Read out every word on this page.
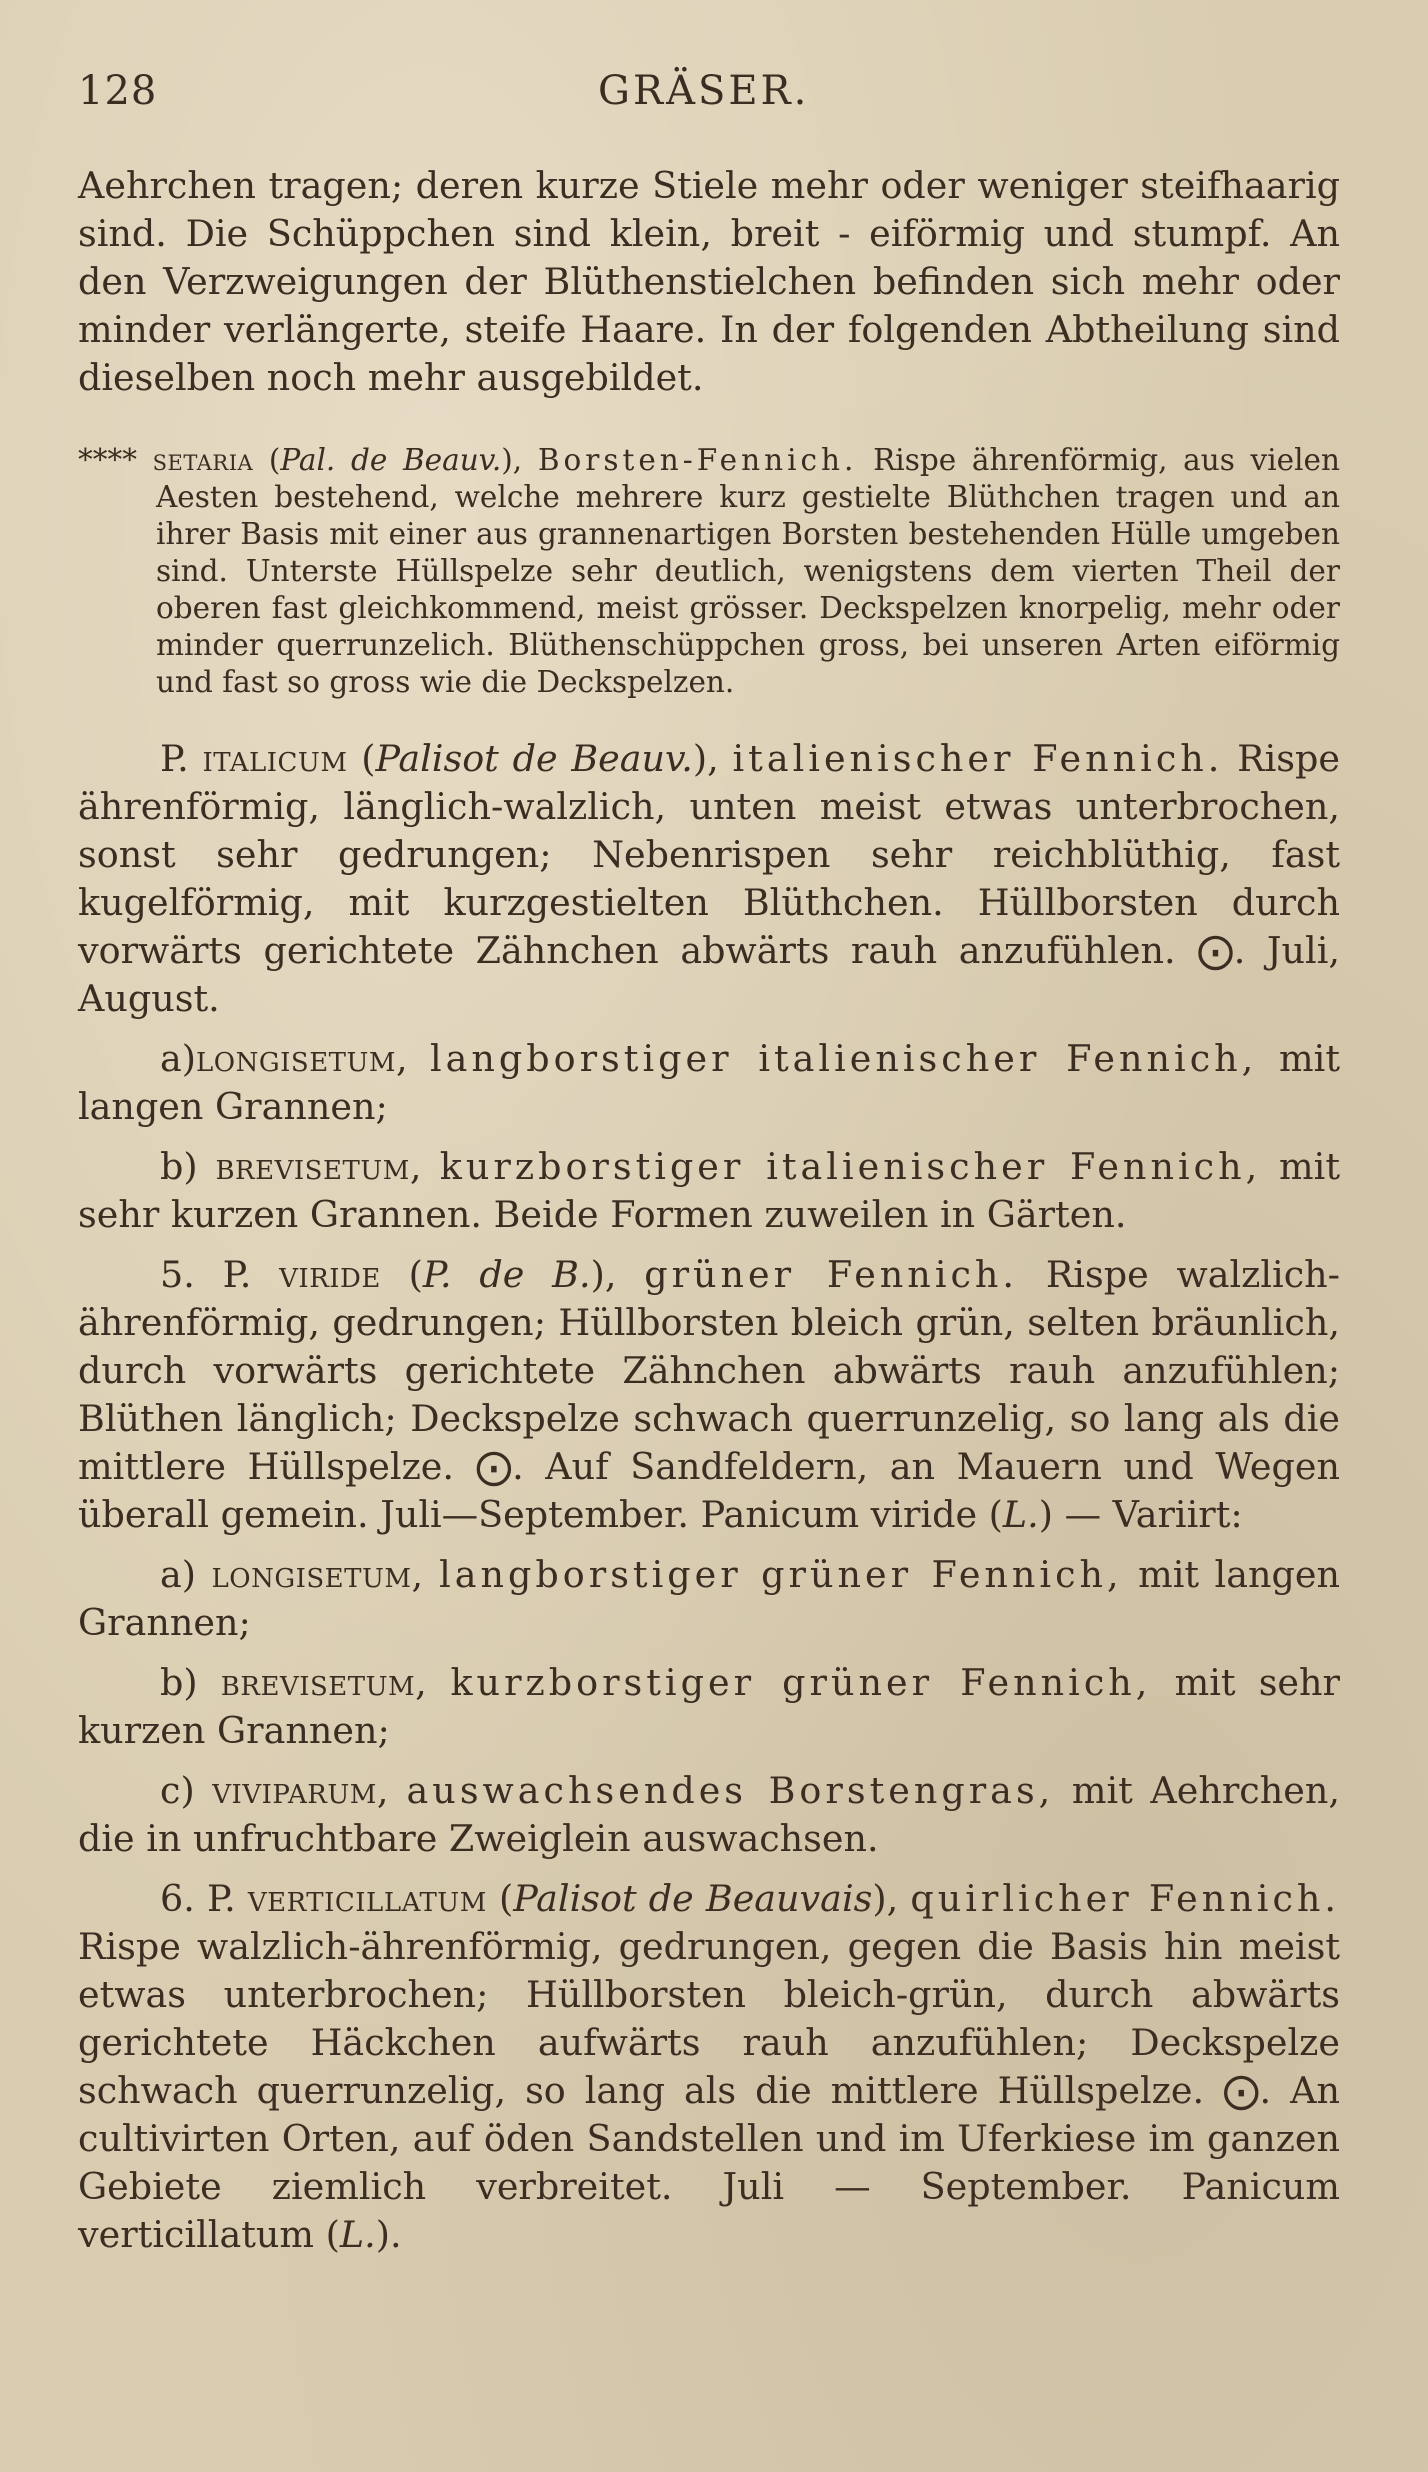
128	GRÄSER.

Aehrchen tragen; deren kurze Stiele mehr oder weniger steifhaarig sind. Die Schüppchen sind klein, breit - eiförmig und stumpf. An den Verzweigungen der Blüthenstielchen befinden sich mehr oder minder verlängerte, steife Haare. In der folgenden Abtheilung sind dieselben noch mehr ausgebildet.

**** setaria (Pal. de Beauv.), Borsten-Fennich. Rispe ährenförmig, aus vielen Aesten bestehend, welche mehrere kurz gestielte Blüthchen tragen und an ihrer Basis mit einer aus grannenartigen Borsten bestehenden Hülle umgeben sind. Unterste Hüllspelze sehr deutlich, wenigstens dem vierten Theil der oberen fast gleichkommend, meist grösser. Deckspelzen knorpelig, mehr oder minder querrunzelich. Blüthenschüppchen gross, bei unseren Arten eiförmig und fast so gross wie die Deckspelzen.

P. italicum (Palisot de Beauv.), italienischer Fennich. Rispe ährenförmig, länglich-walzlich, unten meist etwas unterbrochen, sonst sehr gedrungen; Nebenrispen sehr reichblüthig, fast kugelförmig, mit kurzgestielten Blüthchen. Hüllborsten durch vorwärts gerichtete Zähnchen abwärts rauh anzufühlen. ⨀. Juli, August.

a)longisetum, langborstiger italienischer Fennich, mit langen Grannen;

b) brevisetum, kurzborstiger italienischer Fennich, mit sehr kurzen Grannen. Beide Formen zuweilen in Gärten.

5. P. viride (P. de B.), grüner Fennich. Rispe walzlich-ährenförmig, gedrungen; Hüllborsten bleich grün, selten bräunlich, durch vorwärts gerichtete Zähnchen abwärts rauh anzufühlen; Blüthen länglich; Deckspelze schwach querrunzelig, so lang als die mittlere Hüllspelze. ⨀. Auf Sandfeldern, an Mauern und Wegen überall gemein. Juli—September. Panicum viride (L.) — Variirt:

a) longisetum, langborstiger grüner Fennich, mit langen Grannen;

b) brevisetum, kurzborstiger grüner Fennich, mit sehr kurzen Grannen;

c) viviparum, auswachsendes Borstengras, mit Aehrchen, die in unfruchtbare Zweiglein auswachsen.

6. P. verticillatum (Palisot de Beauvais), quirlicher Fennich. Rispe walzlich-ährenförmig, gedrungen, gegen die Basis hin meist etwas unterbrochen; Hüllborsten bleich-grün, durch abwärts gerichtete Häckchen aufwärts rauh anzufühlen; Deckspelze schwach querrunzelig, so lang als die mittlere Hüllspelze. ⨀. An cultivirten Orten, auf öden Sandstellen und im Uferkiese im ganzen Gebiete ziemlich verbreitet. Juli — September. Panicum verticillatum (L.).
